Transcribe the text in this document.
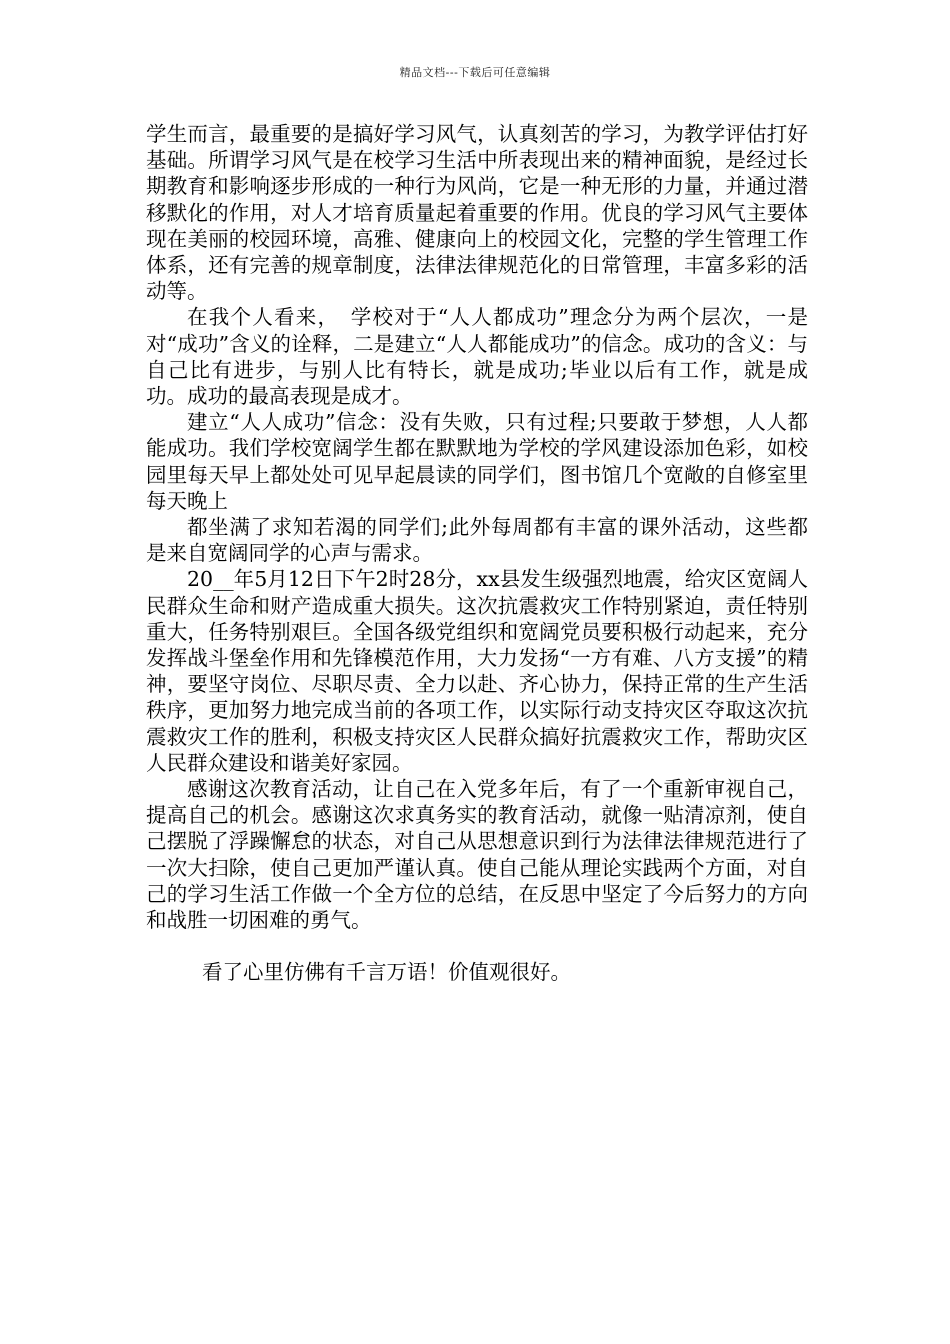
精品文档---下载后可任意编辑

学生而言，最重要的是搞好学习风气，认真刻苦的学习，为教学评估打好基础。所谓学习风气是在校学习生活中所表现出来的精神面貌，是经过长期教育和影响逐步形成的一种行为风尚，它是一种无形的力量，并通过潜移默化的作用，对人才培育质量起着重要的作用。优良的学习风气主要体现在美丽的校园环境，高雅、健康向上的校园文化，完整的学生管理工作体系，还有完善的规章制度，法律法律规范化的日常管理，丰富多彩的活动等。

在我个人看来，　学校对于“人人都成功”理念分为两个层次，一是对“成功”含义的诠释，二是建立“人人都能成功”的信念。成功的含义：与自己比有进步，与别人比有特长，就是成功;毕业以后有工作，就是成功。成功的最高表现是成才。

建立“人人成功”信念：没有失败，只有过程;只要敢于梦想，人人都能成功。我们学校宽阔学生都在默默地为学校的学风建设添加色彩，如校园里每天早上都处处可见早起晨读的同学们，图书馆几个宽敞的自修室里每天晚上

都坐满了求知若渴的同学们;此外每周都有丰富的课外活动，这些都是来自宽阔同学的心声与需求。

20__年5月12日下午2时28分，xx县发生级强烈地震，给灾区宽阔人民群众生命和财产造成重大损失。这次抗震救灾工作特别紧迫，责任特别重大，任务特别艰巨。全国各级党组织和宽阔党员要积极行动起来，充分发挥战斗堡垒作用和先锋模范作用，大力发扬“一方有难、八方支援”的精神，要坚守岗位、尽职尽责、全力以赴、齐心协力，保持正常的生产生活秩序，更加努力地完成当前的各项工作，以实际行动支持灾区夺取这次抗震救灾工作的胜利，积极支持灾区人民群众搞好抗震救灾工作，帮助灾区人民群众建设和谐美好家园。

感谢这次教育活动，让自己在入党多年后，有了一个重新审视自己，提高自己的机会。感谢这次求真务实的教育活动，就像一贴清凉剂，使自己摆脱了浮躁懈怠的状态，对自己从思想意识到行为法律法律规范进行了一次大扫除，使自己更加严谨认真。使自己能从理论实践两个方面，对自己的学习生活工作做一个全方位的总结，在反思中坚定了今后努力的方向和战胜一切困难的勇气。

看了心里仿佛有千言万语！价值观很好。
